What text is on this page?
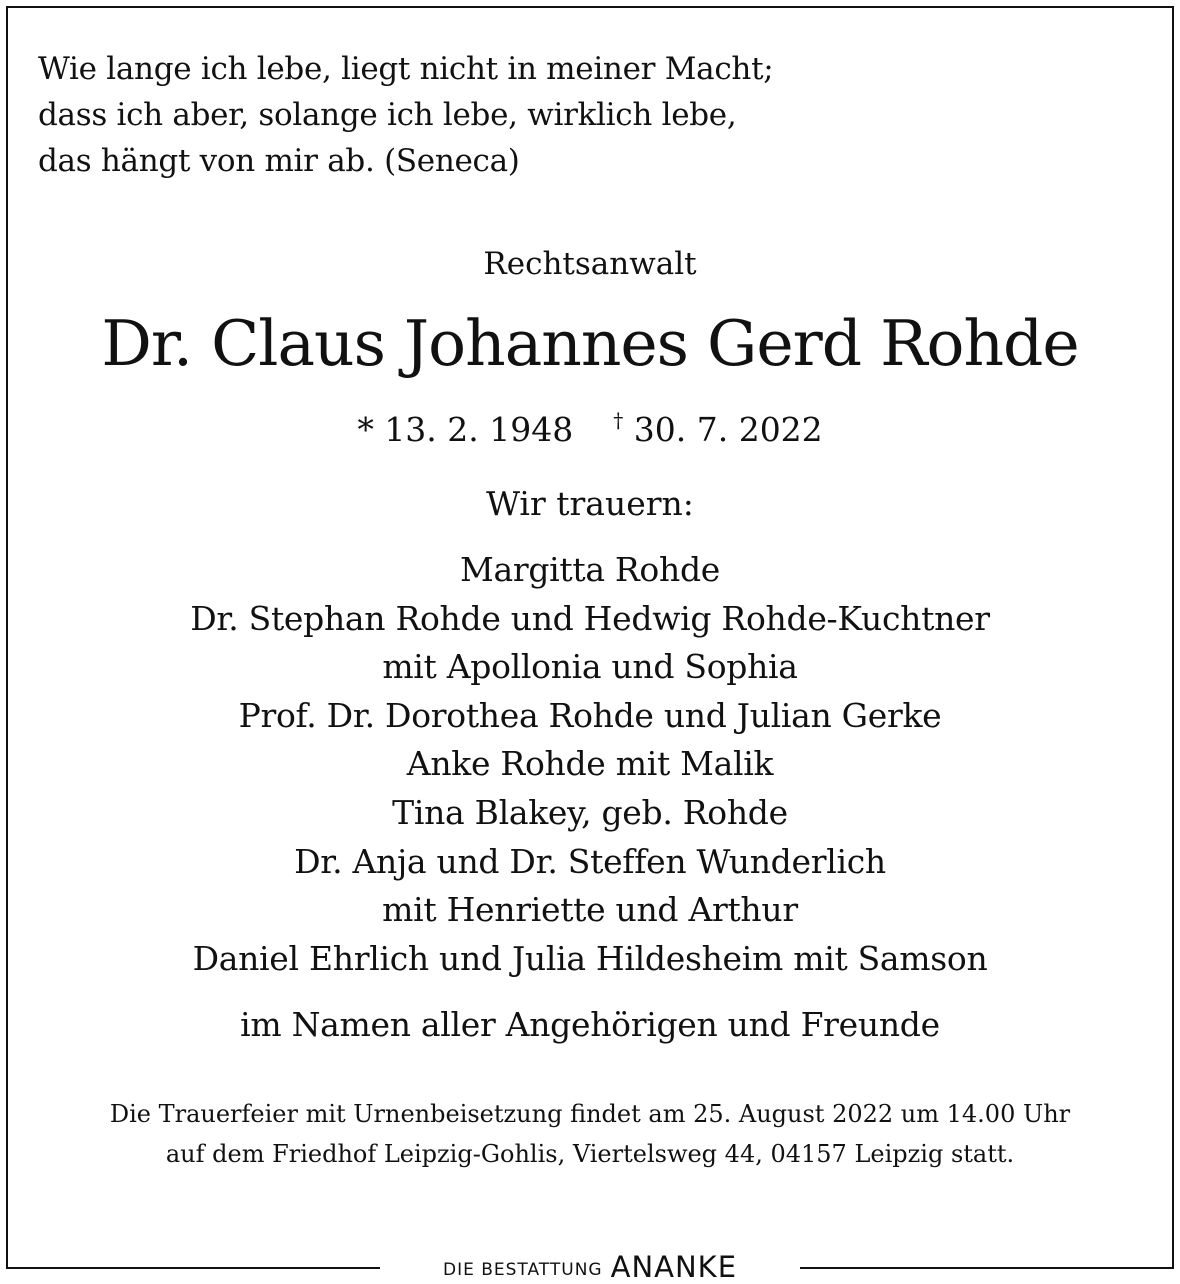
Wie lange ich lebe, liegt nicht in meiner Macht;
dass ich aber, solange ich lebe, wirklich lebe,
das hängt von mir ab. (Seneca)
Rechtsanwalt
Dr. Claus Johannes Gerd Rohde
* 13. 2. 1948 † 30. 7. 2022
Wir trauern:
Margitta Rohde
Dr. Stephan Rohde und Hedwig Rohde-Kuchtner
mit Apollonia und Sophia
Prof. Dr. Dorothea Rohde und Julian Gerke
Anke Rohde mit Malik
Tina Blakey, geb. Rohde
Dr. Anja und Dr. Steffen Wunderlich
mit Henriette und Arthur
Daniel Ehrlich und Julia Hildesheim mit Samson
im Namen aller Angehörigen und Freunde
Die Trauerfeier mit Urnenbeisetzung findet am 25. August 2022 um 14.00 Uhr
auf dem Friedhof Leipzig-Gohlis, Viertelsweg 44, 04157 Leipzig statt.
DIE BESTATTUNG ANANKE
